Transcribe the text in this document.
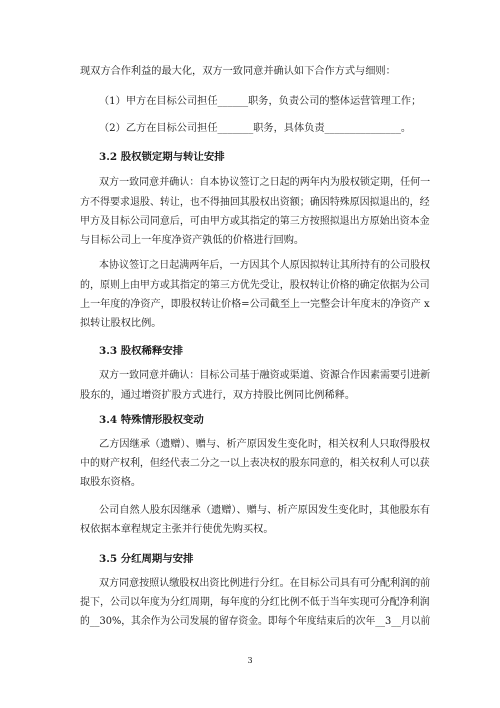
现双方合作利益的最大化，双方一致同意并确认如下合作方式与细则：
（1）甲方在目标公司担任______职务，负责公司的整体运营管理工作；
（2）乙方在目标公司担任_______职务，具体负责_______________。
3.2 股权锁定期与转让安排
双方一致同意并确认：自本协议签订之日起的两年内为股权锁定期，任何一
方不得要求退股、转让，也不得抽回其股权出资额；确因特殊原因拟退出的，经
甲方及目标公司同意后，可由甲方或其指定的第三方按照拟退出方原始出资本金
与目标公司上一年度净资产孰低的价格进行回购。
本协议签订之日起满两年后，一方因其个人原因拟转让其所持有的公司股权
的，原则上由甲方或其指定的第三方优先受让，股权转让价格的确定依据为公司
上一年度的净资产，即股权转让价格=公司截至上一完整会计年度末的净资产 x
拟转让股权比例。
3.3 股权稀释安排
双方一致同意并确认：目标公司基于融资或渠道、资源合作因素需要引进新
股东的，通过增资扩股方式进行，双方持股比例同比例稀释。
3.4 特殊情形股权变动
乙方因继承（遗赠）、赠与、析产原因发生变化时，相关权利人只取得股权
中的财产权利，但经代表二分之一以上表决权的股东同意的，相关权利人可以获
取股东资格。
公司自然人股东因继承（遗赠）、赠与、析产原因发生变化时，其他股东有
权依据本章程规定主张并行使优先购买权。
3.5 分红周期与安排
双方同意按照认缴股权出资比例进行分红。在目标公司具有可分配利润的前
提下，公司以年度为分红周期，每年度的分红比例不低于当年实现可分配净利润
的__30%，其余作为公司发展的留存资金。即每个年度结束后的次年__3__月以前
3
